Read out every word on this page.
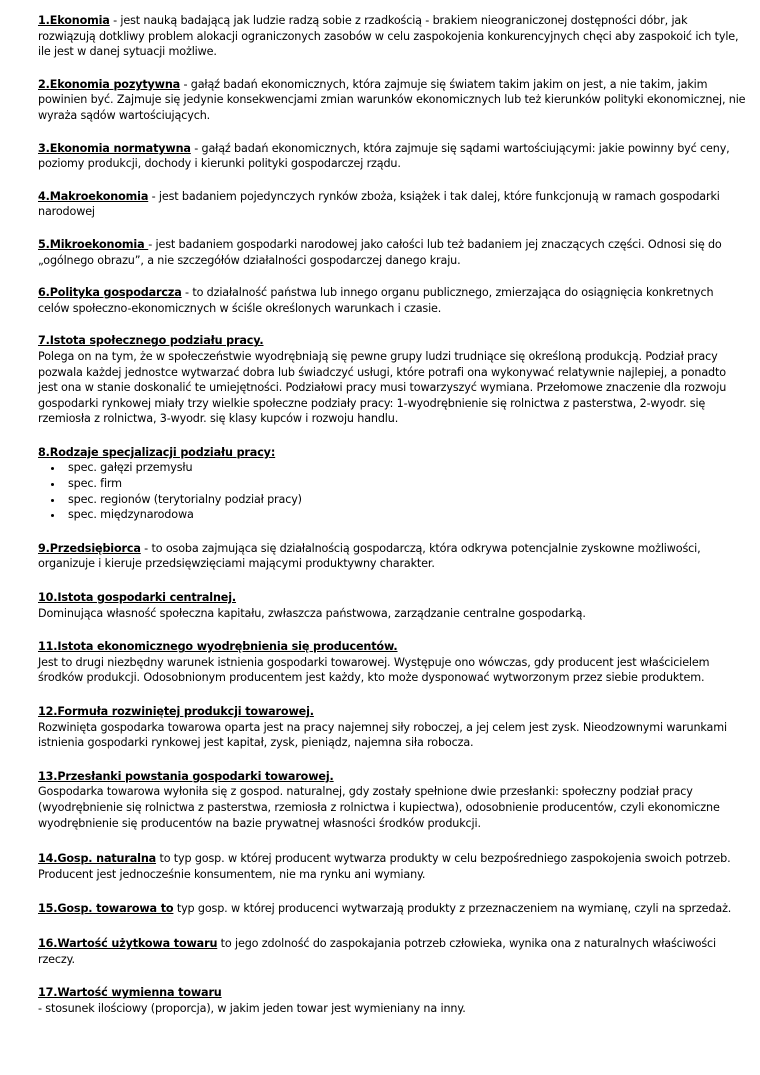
1.Ekonomia - jest nauką badającą jak ludzie radzą sobie z rzadkością - brakiem nieograniczonej dostępności dóbr, jak rozwiązują dotkliwy problem alokacji ograniczonych zasobów w celu zaspokojenia konkurencyjnych chęci aby zaspokoić ich tyle, ile jest w danej sytuacji możliwe.

2.Ekonomia pozytywna - gałąź badań ekonomicznych, która zajmuje się światem takim jakim on jest, a nie takim, jakim powinien być. Zajmuje się jedynie konsekwencjami zmian warunków ekonomicznych lub też kierunków polityki ekonomicznej, nie wyraża sądów wartościujących.

3.Ekonomia normatywna - gałąź badań ekonomicznych, która zajmuje się sądami wartościującymi: jakie powinny być ceny, poziomy produkcji, dochody i kierunki polityki gospodarczej rządu.

4.Makroekonomia - jest badaniem pojedynczych rynków zboża, książek i tak dalej, które funkcjonują w ramach gospodarki narodowej

5.Mikroekonomia - jest badaniem gospodarki narodowej jako całości lub też badaniem jej znaczących części. Odnosi się do „ogólnego obrazu”, a nie szczegółów działalności gospodarczej danego kraju.

6.Polityka gospodarcza - to działalność państwa lub innego organu publicznego, zmierzająca do osiągnięcia konkretnych celów społeczno-ekonomicznych w ściśle określonych warunkach i czasie.

7.Istota społecznego podziału pracy.
Polega on na tym, że w społeczeństwie wyodrębniają się pewne grupy ludzi trudniące się określoną produkcją. Podział pracy pozwala każdej jednostce wytwarzać dobra lub świadczyć usługi, które potrafi ona wykonywać relatywnie najlepiej, a ponadto jest ona w stanie doskonalić te umiejętności. Podziałowi pracy musi towarzyszyć wymiana. Przełomowe znaczenie dla rozwoju gospodarki rynkowej miały trzy wielkie społeczne podziały pracy: 1-wyodrębnienie się rolnictwa z pasterstwa, 2-wyodr. się rzemiosła z rolnictwa, 3-wyodr. się klasy kupców i rozwoju handlu.
8.Rodzaje specjalizacji podziału pracy:
• spec. gałęzi przemysłu
• spec. firm
• spec. regionów (terytorialny podział pracy)
• spec. międzynarodowa

9.Przedsiębiorca - to osoba zajmująca się działalnością gospodarczą, która odkrywa potencjalnie zyskowne możliwości, organizuje i kieruje przedsięwzięciami mającymi produktywny charakter.

10.Istota gospodarki centralnej.
Dominująca własność społeczna kapitału, zwłaszcza państwowa, zarządzanie centralne gospodarką.
11.Istota ekonomicznego wyodrębnienia się producentów.
Jest to drugi niezbędny warunek istnienia gospodarki towarowej. Występuje ono wówczas, gdy producent jest właścicielem środków produkcji. Odosobnionym producentem jest każdy, kto może dysponować wytworzonym przez siebie produktem.
12.Formuła rozwiniętej produkcji towarowej.
Rozwinięta gospodarka towarowa oparta jest na pracy najemnej siły roboczej, a jej celem jest zysk. Nieodzownymi warunkami istnienia gospodarki rynkowej jest kapitał, zysk, pieniądz, najemna siła robocza.
13.Przesłanki powstania gospodarki towarowej.
Gospodarka towarowa wyłoniła się z gospod. naturalnej, gdy zostały spełnione dwie przesłanki: społeczny podział pracy (wyodrębnienie się rolnictwa z pasterstwa, rzemiosła z rolnictwa i kupiectwa), odosobnienie producentów, czyli ekonomiczne wyodrębnienie się producentów na bazie prywatnej własności środków produkcji.

14.Gosp. naturalna to typ gosp. w której producent wytwarza produkty w celu bezpośredniego zaspokojenia swoich potrzeb. Producent jest jednocześnie konsumentem, nie ma rynku ani wymiany.

15.Gosp. towarowa to typ gosp. w której producenci wytwarzają produkty z przeznaczeniem na wymianę, czyli na sprzedaż.

16.Wartość użytkowa towaru to jego zdolność do zaspokajania potrzeb człowieka, wynika ona z naturalnych właściwości rzeczy.

17.Wartość wymienna towaru
- stosunek ilościowy (proporcja), w jakim jeden towar jest wymieniany na inny.
